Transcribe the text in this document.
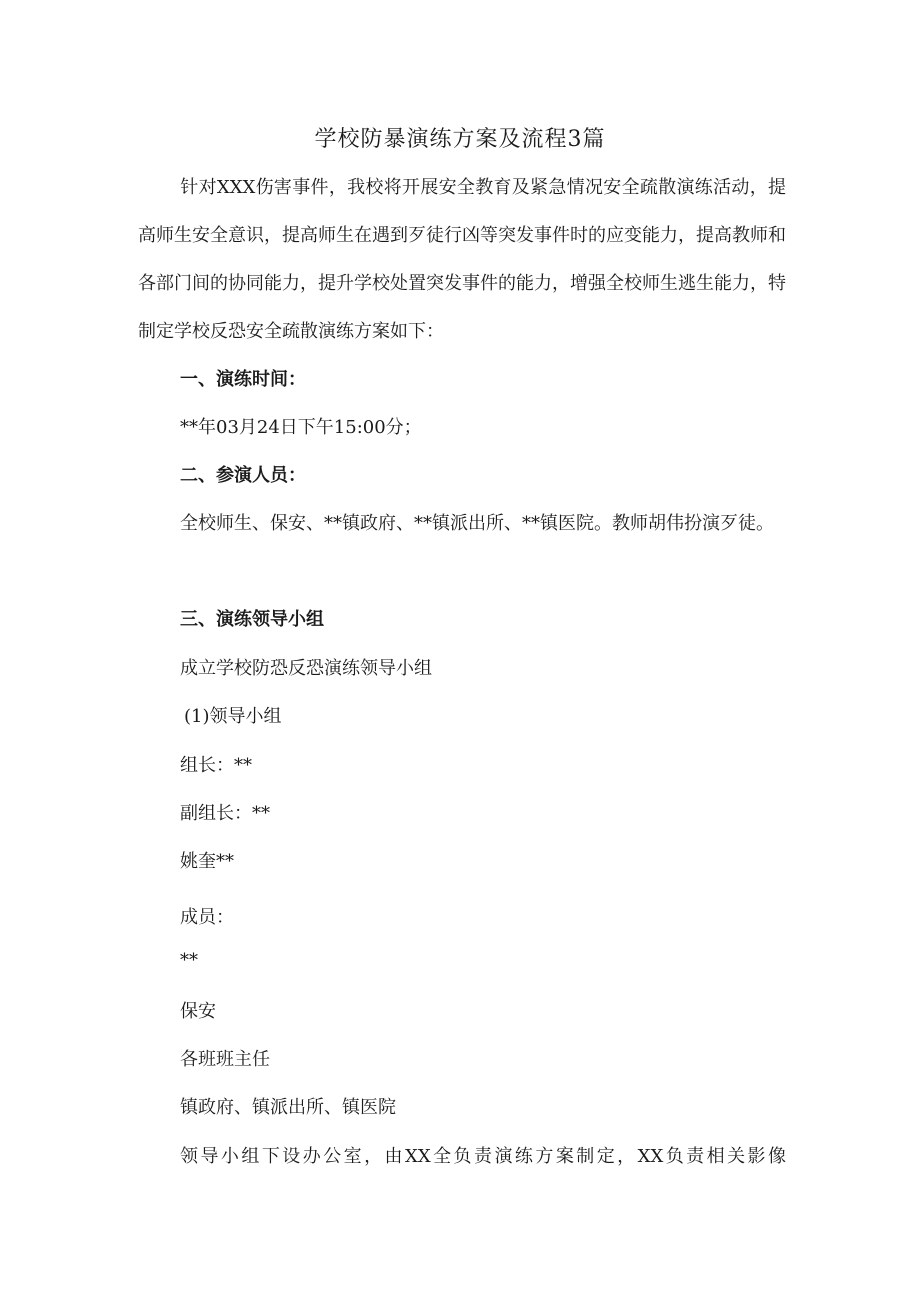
学校防暴演练方案及流程3篇
针对XXX伤害事件，我校将开展安全教育及紧急情况安全疏散演练活动，提高师生安全意识，提高师生在遇到歹徒行凶等突发事件时的应变能力，提高教师和各部门间的协同能力，提升学校处置突发事件的能力，增强全校师生逃生能力，特制定学校反恐安全疏散演练方案如下：
一、演练时间：
**年03月24日下午15:00分；
二、参演人员：
全校师生、保安、**镇政府、**镇派出所、**镇医院。教师胡伟扮演歹徒。
三、演练领导小组
成立学校防恐反恐演练领导小组
(1)领导小组
组长：**
副组长：**
姚奎**
成员：
**
保安
各班班主任
镇政府、镇派出所、镇医院
领导小组下设办公室，由XX全负责演练方案制定，XX负责相关影像
